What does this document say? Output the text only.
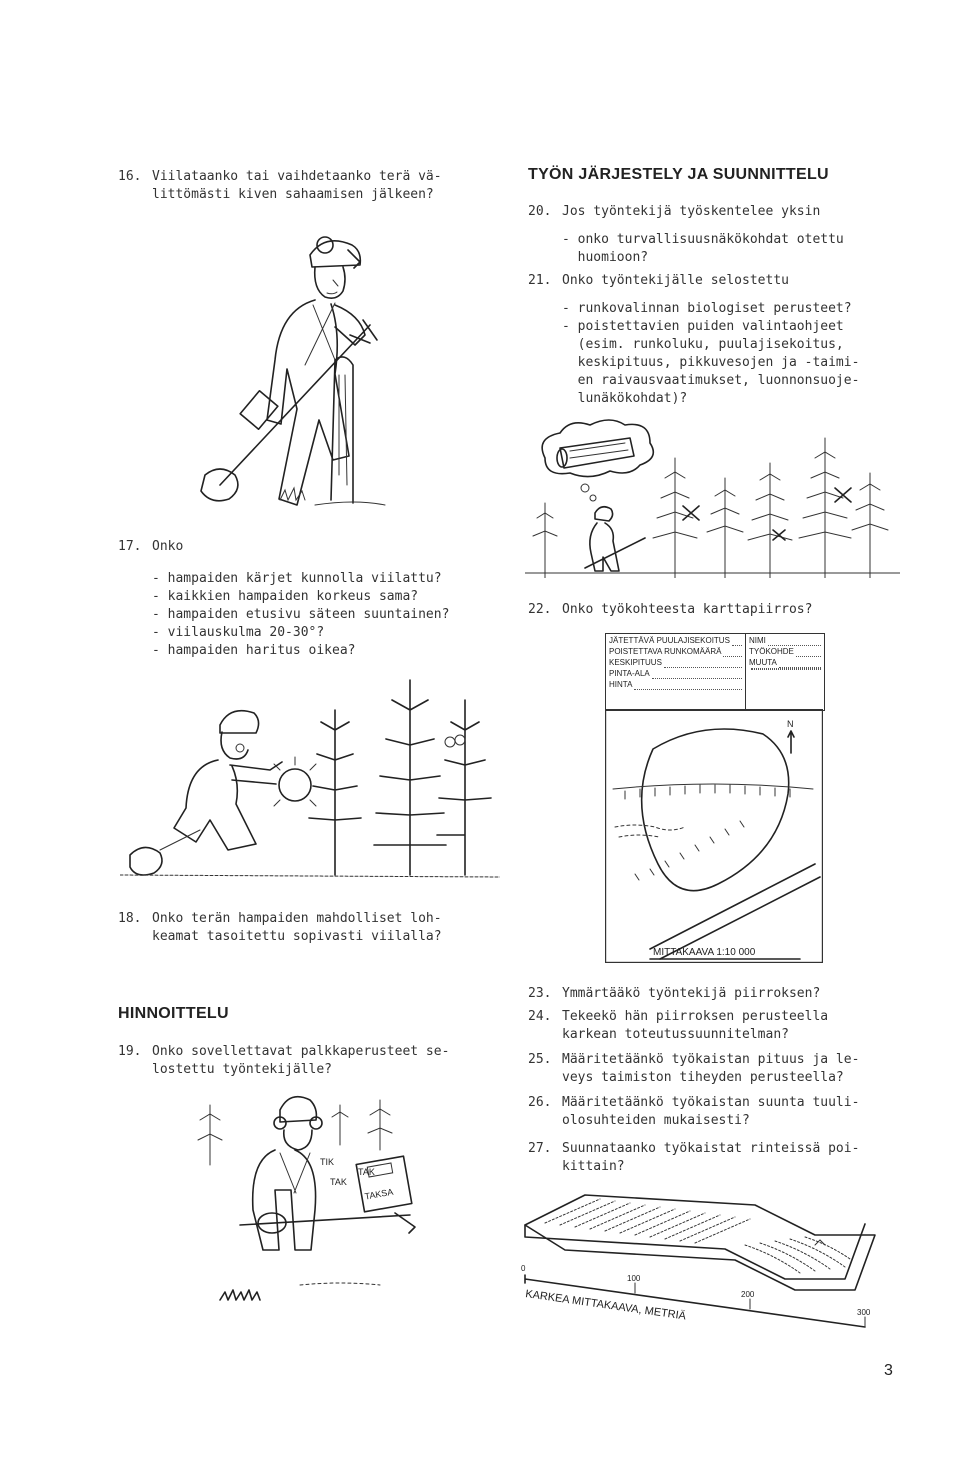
16. Viilataanko tai vaihdetaanko terä vä-
littömästi kiven sahaamisen jälkeen?
17. Onko

- hampaiden kärjet kunnolla viilattu?

- kaikkien hampaiden korkeus sama?

- hampaiden etusivu säteen suuntainen?

- viilauskulma 20-30°?

- hampaiden haritus oikea?

18. Onko terän hampaiden mahdolliset loh-
keamat tasoitettu sopivasti viilalla?
HINNOITTELU
19. Onko sovellettavat palkkaperusteet se-
lostettu työntekijälle?
TAKSA
TIK
TAK
TAK
TYÖN JÄRJESTELY JA SUUNNITTELU
20. Jos työntekijä työskentelee yksin

- onko turvallisuusnäkökohdat otettu

huomioon?

21. Onko työntekijälle selostettu

- runkovalinnan biologiset perusteet?

- poistettavien puiden valintaohjeet

(esim. runkoluku, puulajisekoitus,

keskipituus, pikkuvesojen ja -taimi-

en raivausvaatimukset, luonnonsuoje-

lunäkökohdat)?

22. Onko työkohteesta karttapiirros?
JÄTETTÄVÄ PUULAJISEKOITUS
POISTETTAVA RUNKOMÄÄRÄ
KESKIPITUUS
PINTA-ALA
HINTA
NIMI
TYÖKOHDE
MUUTA
N
MITTAKAAVA 1:10 000
23. Ymmärtääkö työntekijä piirroksen?
24. Tekeekö hän piirroksen perusteella
karkean toteutussuunnitelman?
25. Määritetäänkö työkaistan pituus ja le-
veys taimiston tiheyden perusteella?
26. Määritetäänkö työkaistan suunta tuuli-
olosuhteiden mukaisesti?
27. Suunnataanko työkaistat rinteissä poi-
kittain?
0
100
200
300
KARKEA MITTAKAAVA, METRIÄ
3
